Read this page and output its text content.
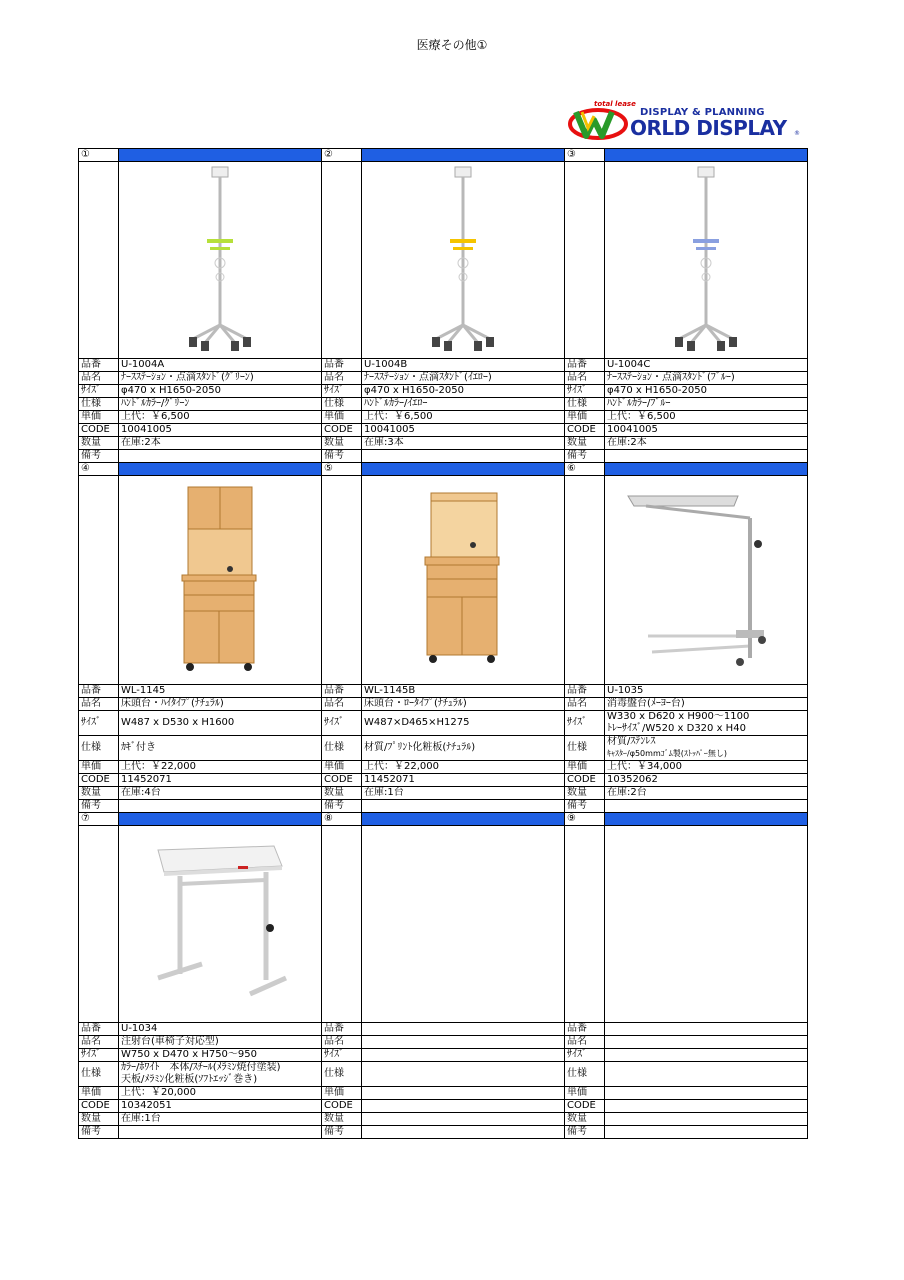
医療その他①
total lease
DISPLAY & PLANNING
ORLD DISPLAY ®
①		②		③	

品番	U-1004A	品番	U-1004B	品番	U-1004C

品名	ﾅｰｽｽﾃｰｼｮﾝ・点滴ｽﾀﾝﾄﾞ(ｸﾞﾘｰﾝ)	品名	ﾅｰｽｽﾃｰｼｮﾝ・点滴ｽﾀﾝﾄﾞ(ｲｴﾛｰ)	品名	ﾅｰｽｽﾃｰｼｮﾝ・点滴ｽﾀﾝﾄﾞ(ﾌﾞﾙｰ)

ｻｲｽﾞ	φ470 x H1650-2050	ｻｲｽﾞ	φ470 x H1650-2050	ｻｲｽﾞ	φ470 x H1650-2050

仕様	ﾊﾝﾄﾞﾙｶﾗｰ/ｸﾞﾘｰﾝ	仕様	ﾊﾝﾄﾞﾙｶﾗｰ/ｲｴﾛｰ	仕様	ﾊﾝﾄﾞﾙｶﾗｰ/ﾌﾞﾙｰ

単価	上代：￥6,500	単価	上代：￥6,500	単価	上代：￥6,500

CODE	10041005	CODE	10041005	CODE	10041005

数量	在庫:2本	数量	在庫:3本	数量	在庫:2本

備考		備考		備考	

④		⑤		⑥	

品番	WL-1145	品番	WL-1145B	品番	U-1035

品名	床頭台・ﾊｲﾀｲﾌﾟ(ﾅﾁｭﾗﾙ)	品名	床頭台・ﾛｰﾀｲﾌﾟ(ﾅﾁｭﾗﾙ)	品名	消毒盤台(ﾒｰﾖｰ台)

ｻｲｽﾞ	W487 x D530 x H1600	ｻｲｽﾞ	W487×D465×H1275	ｻｲｽﾞ	W330 x D620 x H900～1100
ﾄﾚｰｻｲｽﾞ/W520 x D320 x H40

仕様	ｶｷﾞ付き	仕様	材質/ﾌﾟﾘﾝﾄ化粧板(ﾅﾁｭﾗﾙ)	仕様	材質/ｽﾃﾝﾚｽ
ｷｬｽﾀｰ/φ50mmｺﾞﾑ製(ｽﾄｯﾊﾟｰ無し)

単価	上代：￥22,000	単価	上代：￥22,000	単価	上代：￥34,000

CODE	11452071	CODE	11452071	CODE	10352062

数量	在庫:4台	数量	在庫:1台	数量	在庫:2台

備考		備考		備考	

⑦		⑧		⑨	

品番	U-1034	品番		品番	

品名	注射台(車椅子対応型)	品名		品名	

ｻｲｽﾞ	W750 x D470 x H750～950	ｻｲｽﾞ		ｻｲｽﾞ	

仕様	ｶﾗｰ/ﾎﾜｲﾄ　本体/ｽﾁｰﾙ(ﾒﾗﾐﾝ焼付塗装)
天板/ﾒﾗﾐﾝ化粧板(ｿﾌﾄｴｯｼﾞ巻き)	仕様		仕様	

単価	上代：￥20,000	単価		単価	

CODE	10342051	CODE		CODE	

数量	在庫:1台	数量		数量	

備考		備考		備考	
